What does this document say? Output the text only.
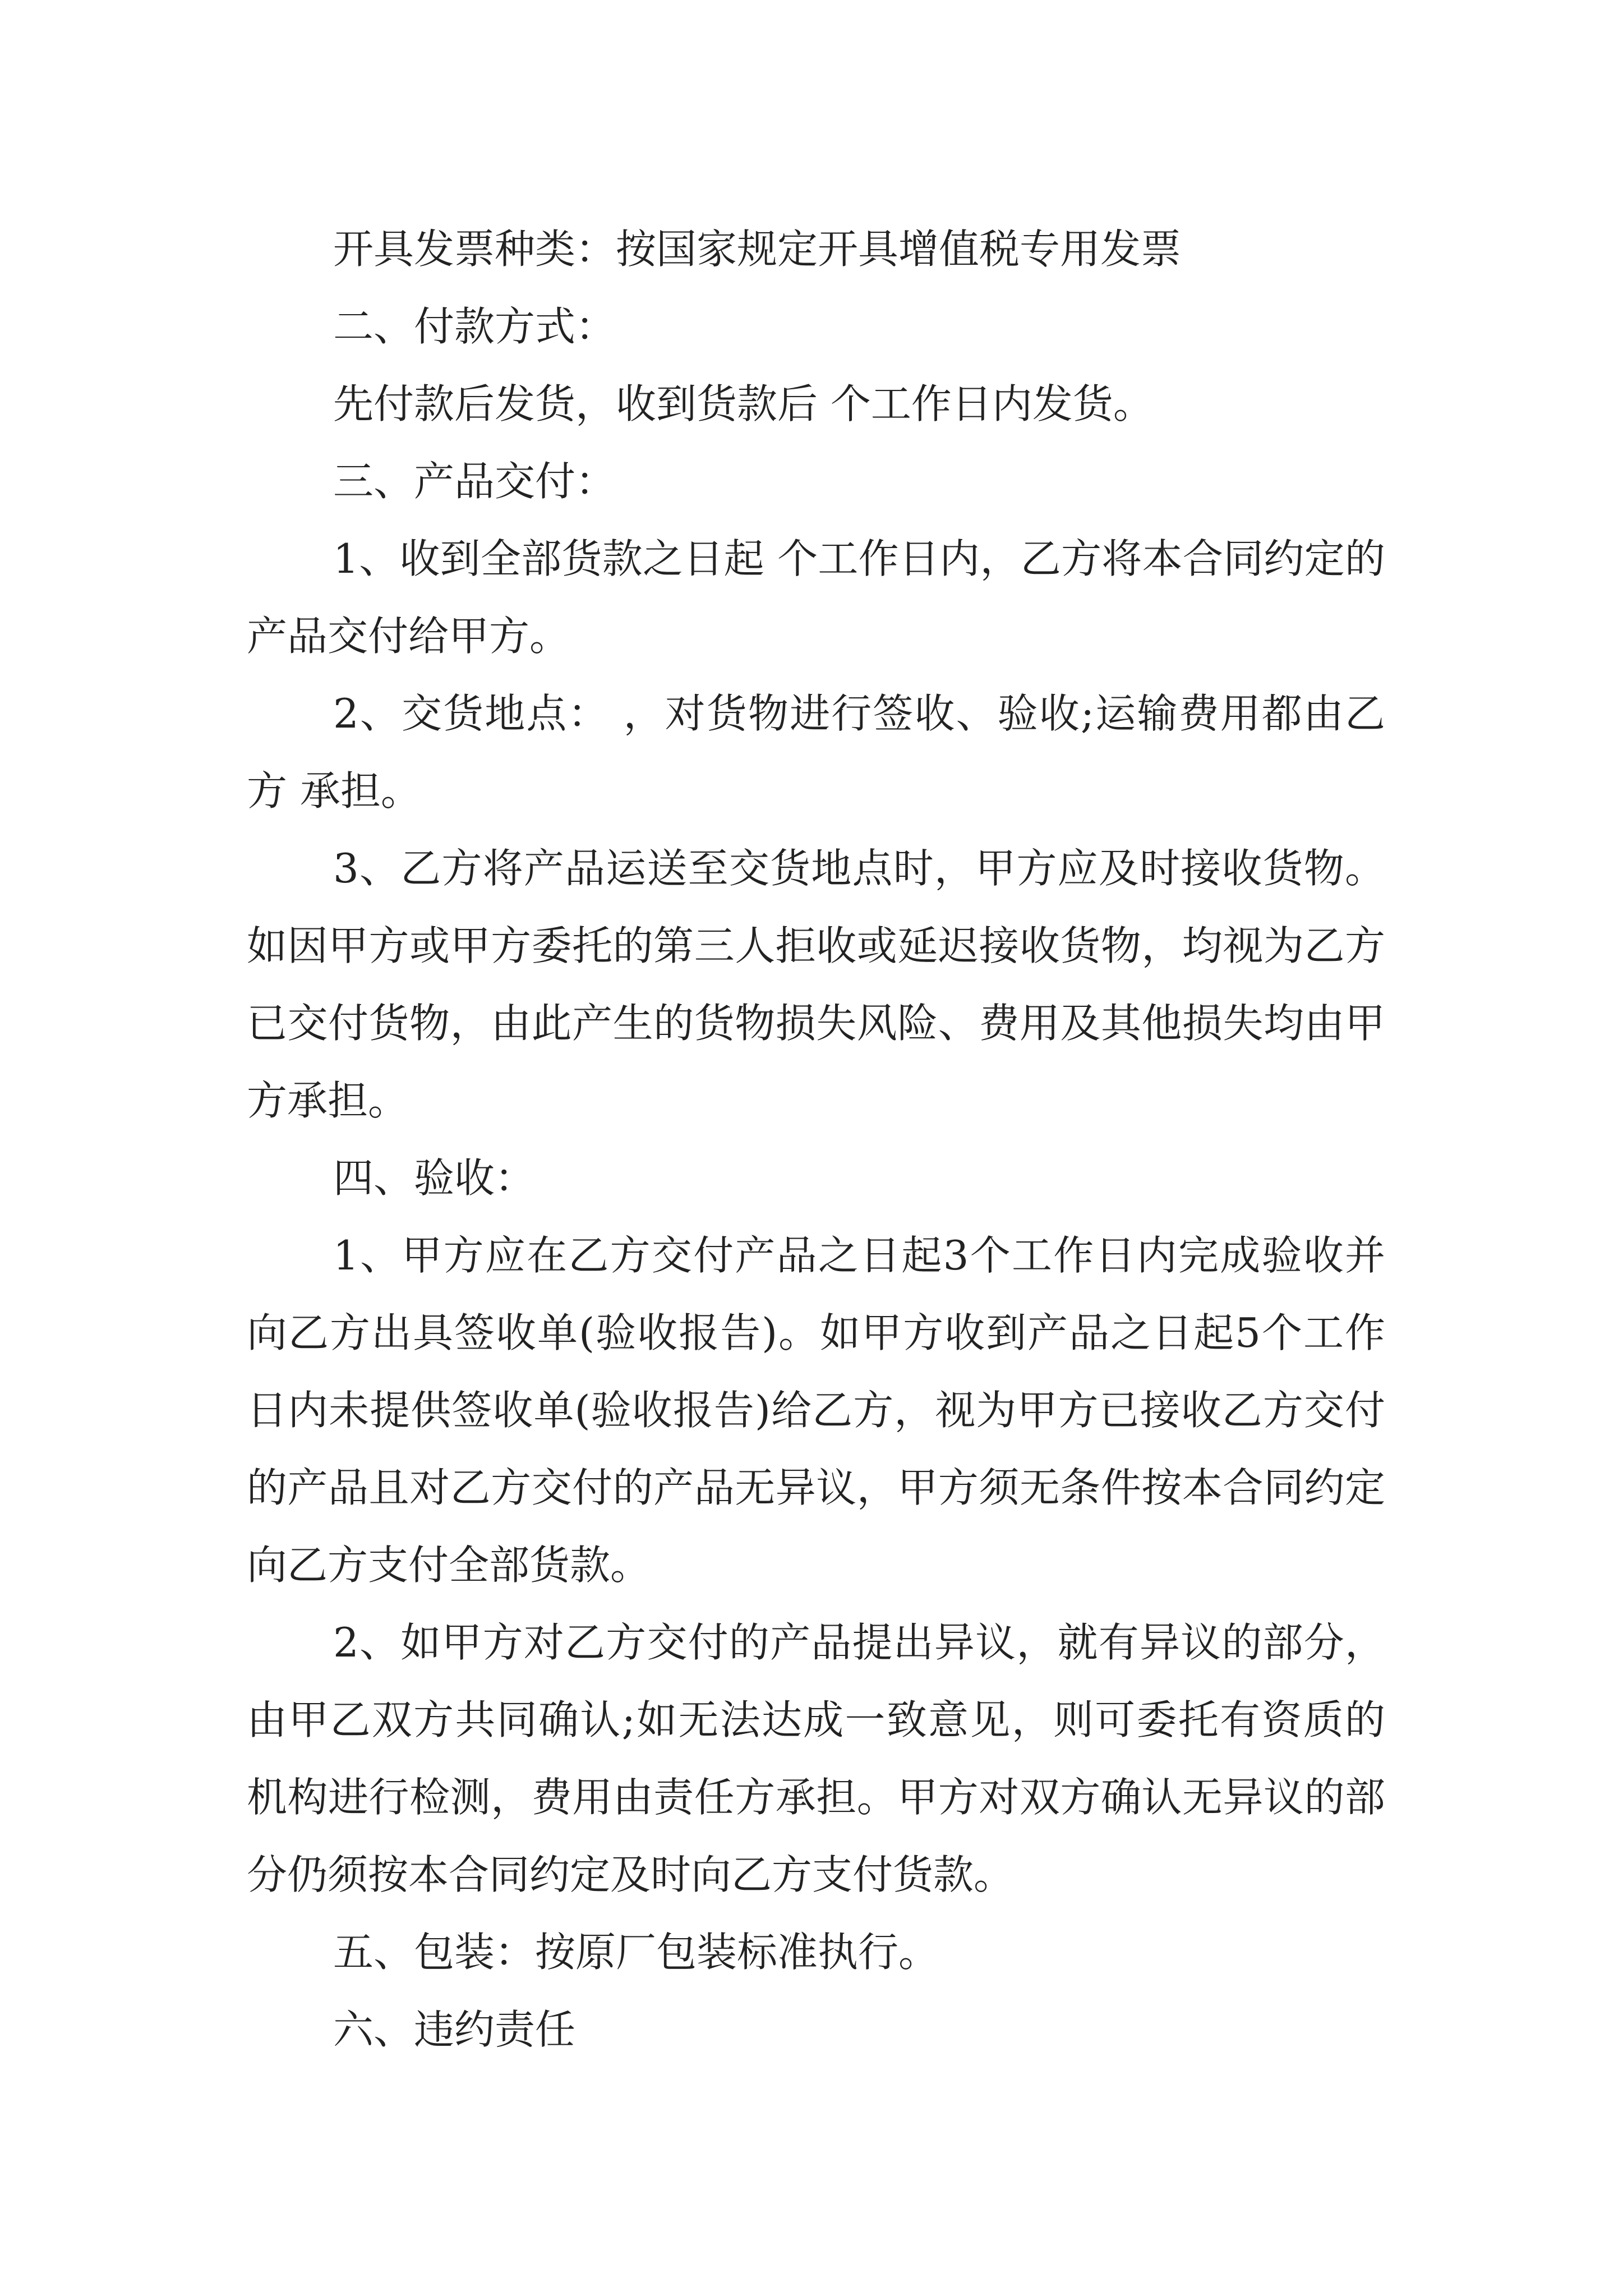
开具发票种类：按国家规定开具增值税专用发票

二、付款方式：

先付款后发货，收到货款后 个工作日内发货。

三、产品交付：

1、收到全部货款之日起 个工作日内，乙方将本合同约定的产品交付给甲方。

2、交货地点： ，对货物进行签收、验收;运输费用都由乙方 承担。

3、乙方将产品运送至交货地点时，甲方应及时接收货物。如因甲方或甲方委托的第三人拒收或延迟接收货物，均视为乙方已交付货物，由此产生的货物损失风险、费用及其他损失均由甲方承担。

四、验收：

1、甲方应在乙方交付产品之日起3个工作日内完成验收并向乙方出具签收单(验收报告)。如甲方收到产品之日起5个工作日内未提供签收单(验收报告)给乙方，视为甲方已接收乙方交付的产品且对乙方交付的产品无异议，甲方须无条件按本合同约定向乙方支付全部货款。

2、如甲方对乙方交付的产品提出异议，就有异议的部分，由甲乙双方共同确认;如无法达成一致意见，则可委托有资质的机构进行检测，费用由责任方承担。甲方对双方确认无异议的部分仍须按本合同约定及时向乙方支付货款。

五、包装：按原厂包装标准执行。

六、违约责任
